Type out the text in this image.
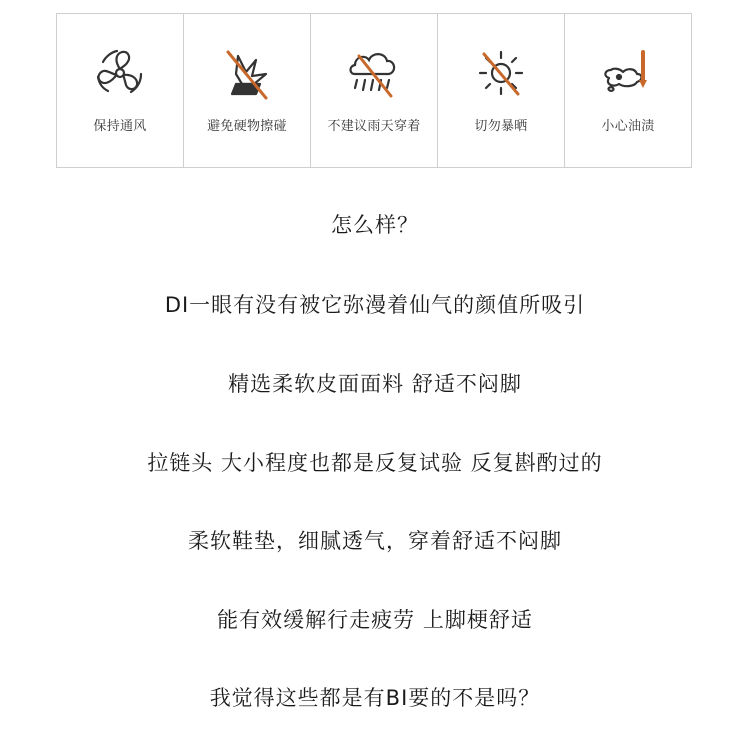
保持通风	避免硬物擦碰	不建议雨天穿着	切勿暴晒	小心油渍
怎么样？
DI一眼有没有被它弥漫着仙气的颜值所吸引
精选柔软皮面面料 舒适不闷脚
拉链头 大小程度也都是反复试验 反复斟酌过的
柔软鞋垫，细腻透气，穿着舒适不闷脚
能有效缓解行走疲劳 上脚梗舒适
我觉得这些都是有BI要的不是吗？
